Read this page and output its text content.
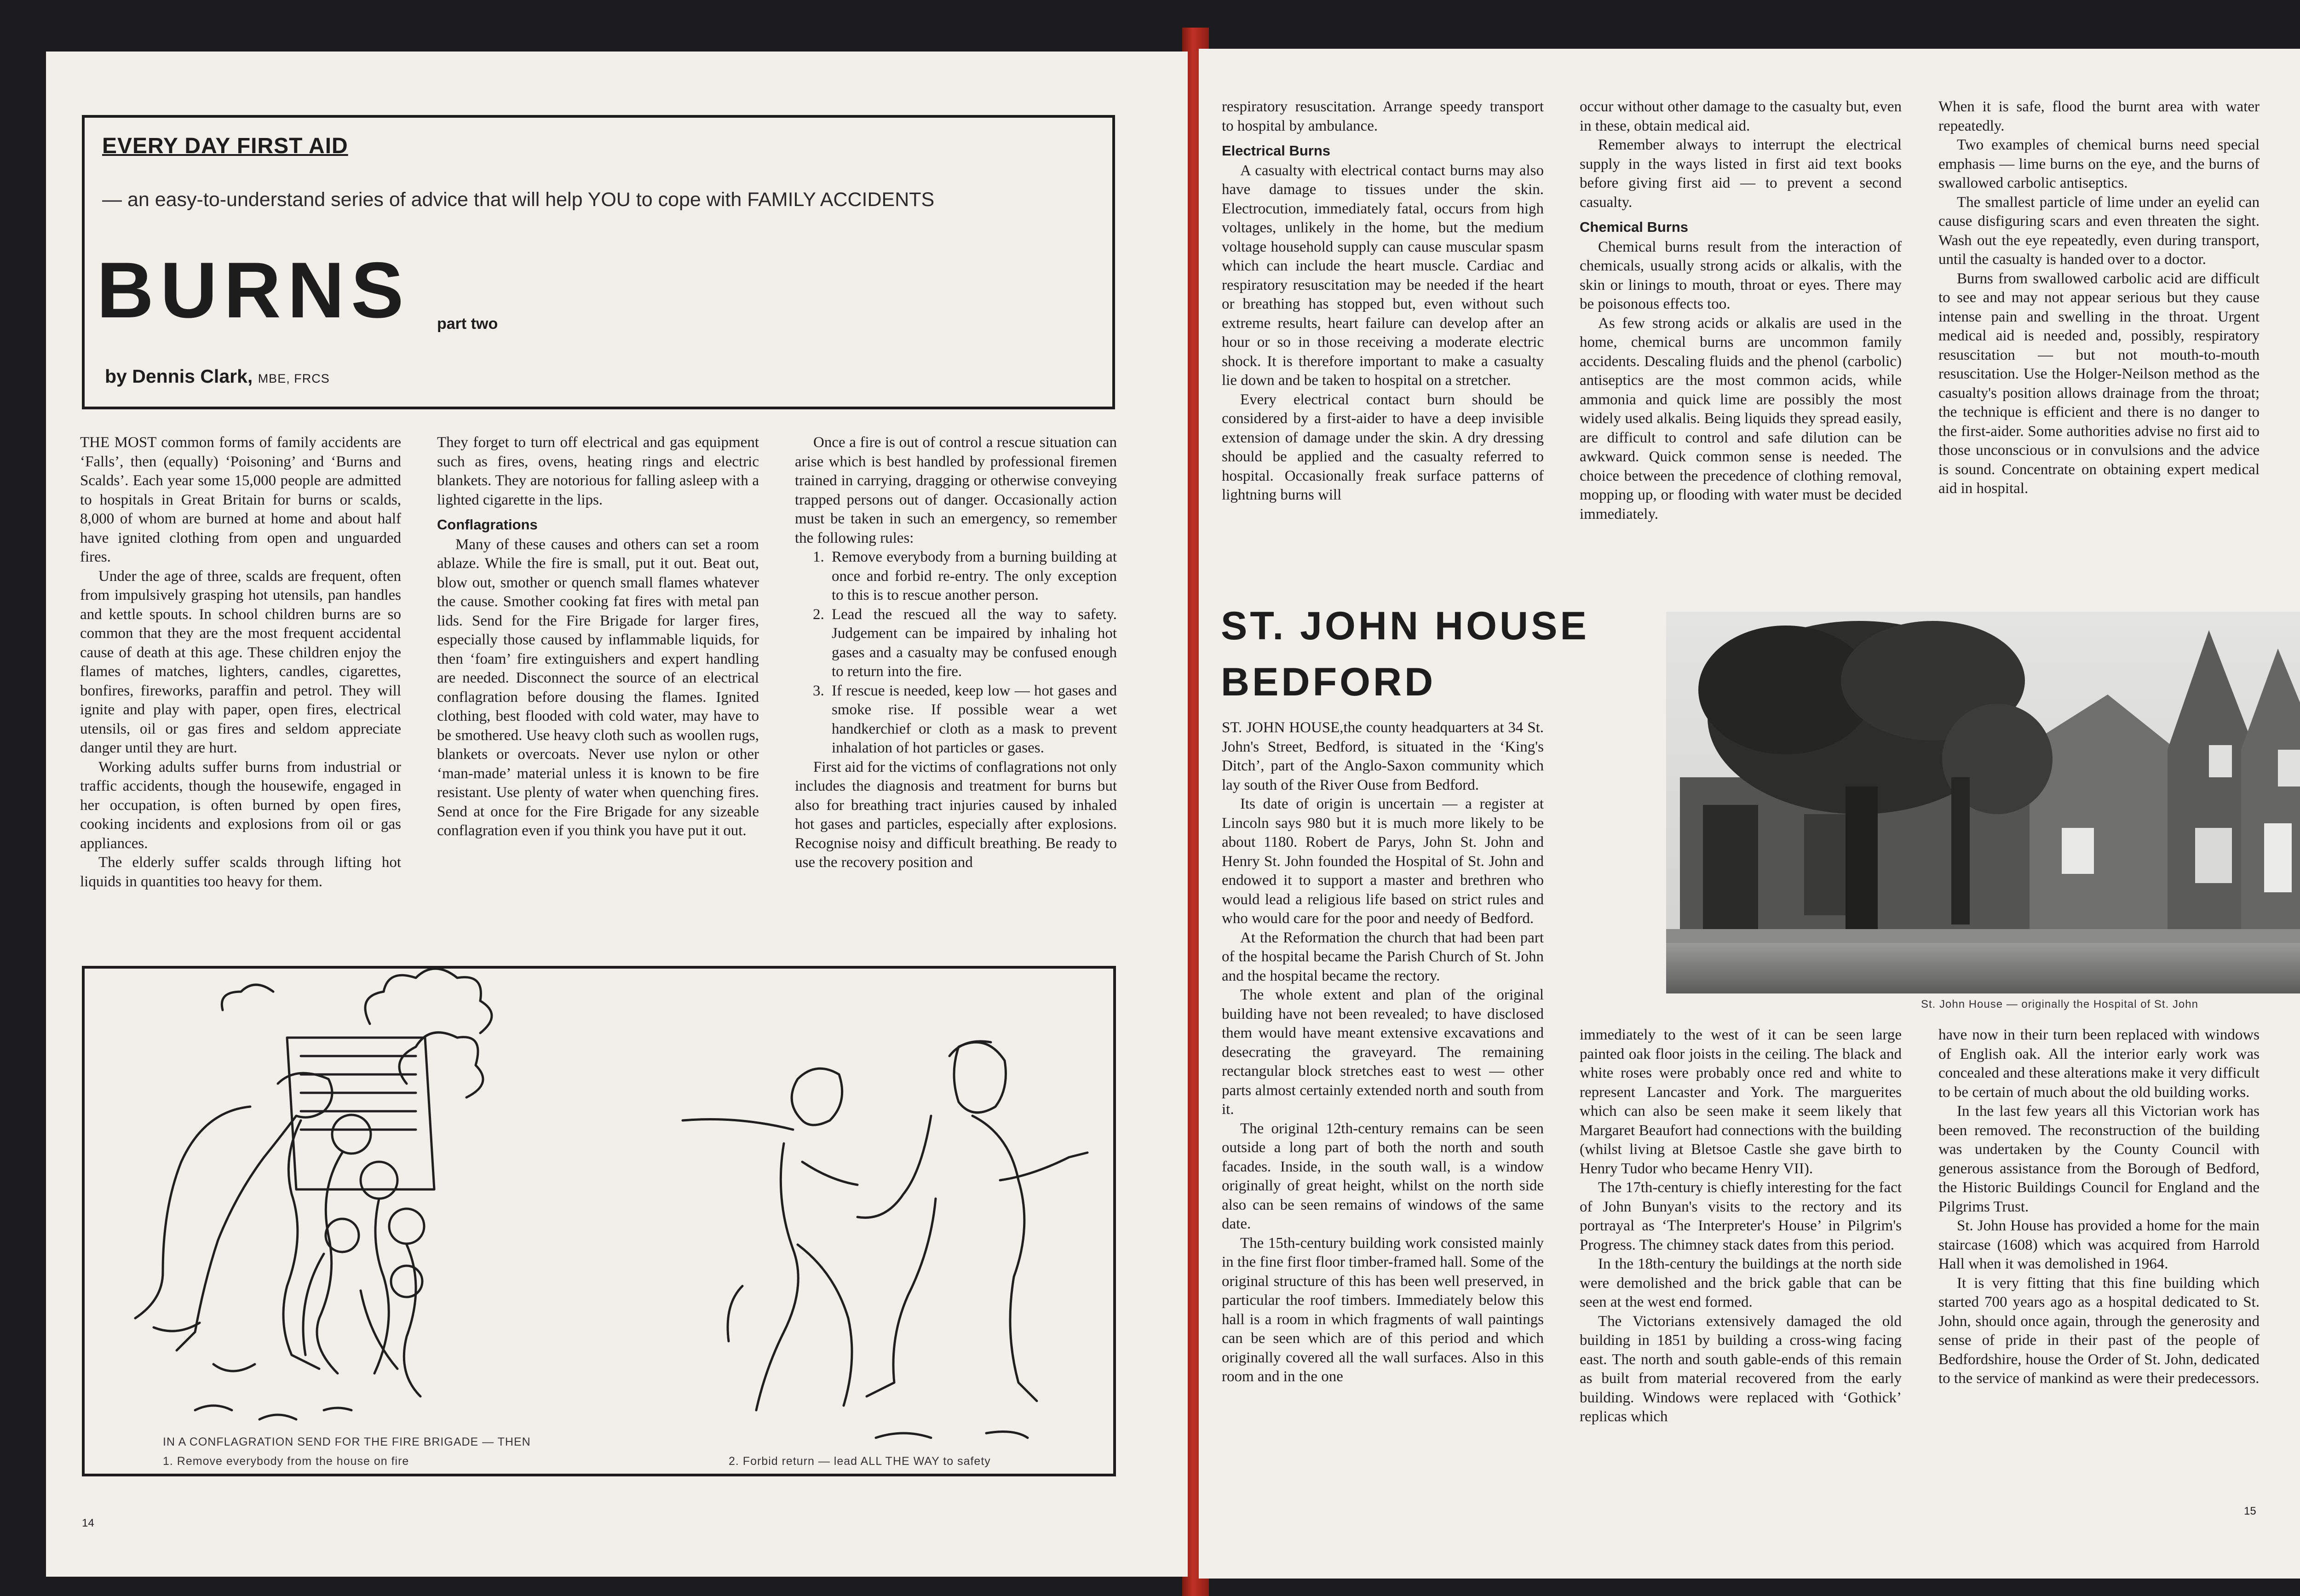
EVERY DAY FIRST AID
— an easy-to-understand series of advice that will help YOU to cope with FAMILY ACCIDENTS
BURNS part two
by Dennis Clark, MBE, FRCS

THE MOST common forms of family accidents are ‘Falls’, then (equally) ‘Poisoning’ and ‘Burns and Scalds’. Each year some 15,000 people are admitted to hospitals in Great Britain for burns or scalds, 8,000 of whom are burned at home and about half have ignited clothing from open and unguarded fires.

Under the age of three, scalds are frequent, often from impulsively grasping hot utensils, pan handles and kettle spouts. In school children burns are so common that they are the most frequent accidental cause of death at this age. These children enjoy the flames of matches, lighters, candles, cigarettes, bonfires, fireworks, paraffin and petrol. They will ignite and play with paper, open fires, electrical utensils, oil or gas fires and seldom appreciate danger until they are hurt.

Working adults suffer burns from industrial or traffic accidents, though the housewife, engaged in her occupation, is often burned by open fires, cooking incidents and explosions from oil or gas appliances.

The elderly suffer scalds through lifting hot liquids in quantities too heavy for them.

They forget to turn off electrical and gas equipment such as fires, ovens, heating rings and electric blankets. They are notorious for falling asleep with a lighted cigarette in the lips.

Conflagrations

Many of these causes and others can set a room ablaze. While the fire is small, put it out. Beat out, blow out, smother or quench small flames whatever the cause. Smother cooking fat fires with metal pan lids. Send for the Fire Brigade for larger fires, especially those caused by inflammable liquids, for then ‘foam’ fire extinguishers and expert handling are needed. Disconnect the source of an electrical conflagration before dousing the flames. Ignited clothing, best flooded with cold water, may have to be smothered. Use heavy cloth such as woollen rugs, blankets or overcoats. Never use nylon or other ‘man-made’ material unless it is known to be fire resistant. Use plenty of water when quenching fires. Send at once for the Fire Brigade for any sizeable conflagration even if you think you have put it out.

Once a fire is out of control a rescue situation can arise which is best handled by professional firemen trained in carrying, dragging or otherwise conveying trapped persons out of danger. Occasionally action must be taken in such an emergency, so remember the following rules:

1. Remove everybody from a burning building at once and forbid re-entry. The only exception to this is to rescue another person.
2. Lead the rescued all the way to safety. Judgement can be impaired by inhaling hot gases and a casualty may be confused enough to return into the fire.
3. If rescue is needed, keep low — hot gases and smoke rise. If possible wear a wet handkerchief or cloth as a mask to prevent inhalation of hot particles or gases.

First aid for the victims of conflagrations not only includes the diagnosis and treatment for burns but also for breathing tract injuries caused by inhaled hot gases and particles, especially after explosions. Recognise noisy and difficult breathing. Be ready to use the recovery position and

IN A CONFLAGRATION SEND FOR THE FIRE BRIGADE — THEN
1. Remove everybody from the house on fire	2. Forbid return — lead ALL THE WAY to safety
14

respiratory resuscitation. Arrange speedy transport to hospital by ambulance.

Electrical Burns

A casualty with electrical contact burns may also have damage to tissues under the skin. Electrocution, immediately fatal, occurs from high voltages, unlikely in the home, but the medium voltage household supply can cause muscular spasm which can include the heart muscle. Cardiac and respiratory resuscitation may be needed if the heart or breathing has stopped but, even without such extreme results, heart failure can develop after an hour or so in those receiving a moderate electric shock. It is therefore important to make a casualty lie down and be taken to hospital on a stretcher.

Every electrical contact burn should be considered by a first-aider to have a deep invisible extension of damage under the skin. A dry dressing should be applied and the casualty referred to hospital. Occasionally freak surface patterns of lightning burns will

occur without other damage to the casualty but, even in these, obtain medical aid.

Remember always to interrupt the electrical supply in the ways listed in first aid text books before giving first aid — to prevent a second casualty.

Chemical Burns

Chemical burns result from the interaction of chemicals, usually strong acids or alkalis, with the skin or linings to mouth, throat or eyes. There may be poisonous effects too.

As few strong acids or alkalis are used in the home, chemical burns are uncommon family accidents. Descaling fluids and the phenol (carbolic) antiseptics are the most common acids, while ammonia and quick lime are possibly the most widely used alkalis. Being liquids they spread easily, are difficult to control and safe dilution can be awkward. Quick common sense is needed. The choice between the precedence of clothing removal, mopping up, or flooding with water must be decided immediately.

When it is safe, flood the burnt area with water repeatedly.

Two examples of chemical burns need special emphasis — lime burns on the eye, and the burns of swallowed carbolic antiseptics.

The smallest particle of lime under an eyelid can cause disfiguring scars and even threaten the sight. Wash out the eye repeatedly, even during transport, until the casualty is handed over to a doctor.

Burns from swallowed carbolic acid are difficult to see and may not appear serious but they cause intense pain and swelling in the throat. Urgent medical aid is needed and, possibly, respiratory resuscitation — but not mouth-to-mouth resuscitation. Use the Holger-Neilson method as the casualty's position allows drainage from the throat; the technique is efficient and there is no danger to the first-aider. Some authorities advise no first aid to those unconscious or in convulsions and the advice is sound. Concentrate on obtaining expert medical aid in hospital.

ST. JOHN HOUSE
BEDFORD
St. John House — originally the Hospital of St. John

ST. JOHN HOUSE,the county headquarters at 34 St. John's Street, Bedford, is situated in the ‘King's Ditch’, part of the Anglo-Saxon community which lay south of the River Ouse from Bedford.

Its date of origin is uncertain — a register at Lincoln says 980 but it is much more likely to be about 1180. Robert de Parys, John St. John and Henry St. John founded the Hospital of St. John and endowed it to support a master and brethren who would lead a religious life based on strict rules and who would care for the poor and needy of Bedford.

At the Reformation the church that had been part of the hospital became the Parish Church of St. John and the hospital became the rectory.

The whole extent and plan of the original building have not been revealed; to have disclosed them would have meant extensive excavations and desecrating the graveyard. The remaining rectangular block stretches east to west — other parts almost certainly extended north and south from it.

The original 12th-century remains can be seen outside a long part of both the north and south facades. Inside, in the south wall, is a window originally of great height, whilst on the north side also can be seen remains of windows of the same date.

The 15th-century building work consisted mainly in the fine first floor timber-framed hall. Some of the original structure of this has been well preserved, in particular the roof timbers. Immediately below this hall is a room in which fragments of wall paintings can be seen which are of this period and which originally covered all the wall surfaces. Also in this room and in the one

immediately to the west of it can be seen large painted oak floor joists in the ceiling. The black and white roses were probably once red and white to represent Lancaster and York. The marguerites which can also be seen make it seem likely that Margaret Beaufort had connections with the building (whilst living at Bletsoe Castle she gave birth to Henry Tudor who became Henry VII).

The 17th-century is chiefly interesting for the fact of John Bunyan's visits to the rectory and its portrayal as ‘The Interpreter's House’ in Pilgrim's Progress. The chimney stack dates from this period.

In the 18th-century the buildings at the north side were demolished and the brick gable that can be seen at the west end formed.

The Victorians extensively damaged the old building in 1851 by building a cross-wing facing east. The north and south gable-ends of this remain as built from material recovered from the early building. Windows were replaced with ‘Gothick’ replicas which

have now in their turn been replaced with windows of English oak. All the interior early work was concealed and these alterations make it very difficult to be certain of much about the old building works.

In the last few years all this Victorian work has been removed. The reconstruction of the building was undertaken by the County Council with generous assistance from the Borough of Bedford, the Historic Buildings Council for England and the Pilgrims Trust.

St. John House has provided a home for the main staircase (1608) which was acquired from Harrold Hall when it was demolished in 1964.

It is very fitting that this fine building which started 700 years ago as a hospital dedicated to St. John, should once again, through the generosity and sense of pride in their past of the people of Bedfordshire, house the Order of St. John, dedicated to the service of mankind as were their predecessors.

15
